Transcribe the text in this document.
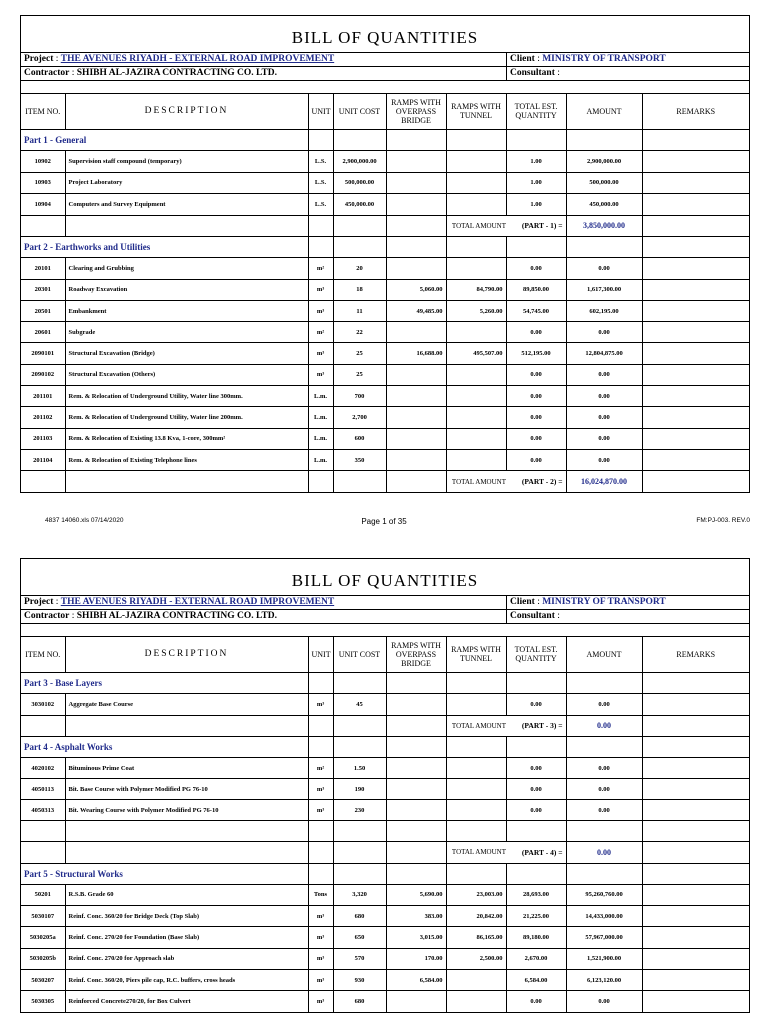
BILL OF QUANTITIES
Project : THE AVENUES RIYADH - EXTERNAL ROAD IMPROVEMENT	Client : MINISTRY OF TRANSPORT
Contractor : SHIBH AL-JAZIRA CONTRACTING CO. LTD.	Consultant :
ITEM NO.	DESCRIPTION	UNIT	UNIT COST	RAMPS WITH OVERPASS BRIDGE	RAMPS WITH TUNNEL	TOTAL EST. QUANTITY	AMOUNT	REMARKS
Part 1 - General								
10902	Supervision staff compound (temporary)	L.S.	2,900,000.00			1.00	2,900,000.00	
10903	Project Laboratory	L.S.	500,000.00			1.00	500,000.00	
10904	Computers and Survey Equipment	L.S.	450,000.00			1.00	450,000.00	
					TOTAL AMOUNT	(PART - 1) =	3,850,000.00	
Part 2 - Earthworks and Utilities								
20101	Clearing and Grubbing	m²	20			0.00	0.00	
20301	Roadway Excavation	m³	18	5,060.00	84,790.00	89,850.00	1,617,300.00	
20501	Embankment	m³	11	49,485.00	5,260.00	54,745.00	602,195.00	
20601	Subgrade	m²	22			0.00	0.00	
2090101	Structural Excavation (Bridge)	m³	25	16,688.00	495,507.00	512,195.00	12,804,875.00	
2090102	Structural Excavation (Others)	m³	25			0.00	0.00	
201101	Rem. & Relocation of Underground Utility, Water line 300mm.	L.m.	700			0.00	0.00	
201102	Rem. & Relocation of Underground Utility, Water line 200mm.	L.m.	2,700			0.00	0.00	
201103	Rem. & Relocation of Existing 13.8 Kva, 1-core, 300mm²	L.m.	600			0.00	0.00	
201104	Rem. & Relocation of Existing Telephone lines	L.m.	350			0.00	0.00	
					TOTAL AMOUNT	(PART - 2) =	16,024,870.00	
4837 14060.xls 07/14/2020	Page 1 of 35	FM:PJ-003. REV.0
BILL OF QUANTITIES
Project : THE AVENUES RIYADH - EXTERNAL ROAD IMPROVEMENT	Client : MINISTRY OF TRANSPORT
Contractor : SHIBH AL-JAZIRA CONTRACTING CO. LTD.	Consultant :
ITEM NO.	DESCRIPTION	UNIT	UNIT COST	RAMPS WITH OVERPASS BRIDGE	RAMPS WITH TUNNEL	TOTAL EST. QUANTITY	AMOUNT	REMARKS
Part 3 - Base Layers								
3030102	Aggregate Base Course	m³	45			0.00	0.00	
					TOTAL AMOUNT	(PART - 3) =	0.00	
Part 4 - Asphalt Works								
4020102	Bituminous Prime Coat	m²	1.50			0.00	0.00	
4050113	Bit. Base Course with Polymer Modified PG 76-10	m³	190			0.00	0.00	
4050313	Bit. Wearing Course with Polymer Modified PG 76-10	m³	230			0.00	0.00	

					TOTAL AMOUNT	(PART - 4) =	0.00	
Part 5 - Structural Works								
50201	R.S.B. Grade 60	Tons	3,320	5,690.00	23,003.00	28,693.00	95,260,760.00	
5030107	Reinf. Conc. 360/20 for Bridge Deck (Top Slab)	m³	680	383.00	20,842.00	21,225.00	14,433,000.00	
5030205a	Reinf. Conc. 270/20 for Foundation (Base Slab)	m³	650	3,015.00	86,165.00	89,180.00	57,967,000.00	
5030205b	Reinf. Conc. 270/20 for Approach slab	m³	570	170.00	2,500.00	2,670.00	1,521,900.00	
5030207	Reinf. Conc. 360/20, Piers pile cap, R.C. buffers, cross heads	m³	930	6,584.00		6,584.00	6,123,120.00	
5030305	Reinforced Concrete270/20, for Box Culvert	m³	680			0.00	0.00	
